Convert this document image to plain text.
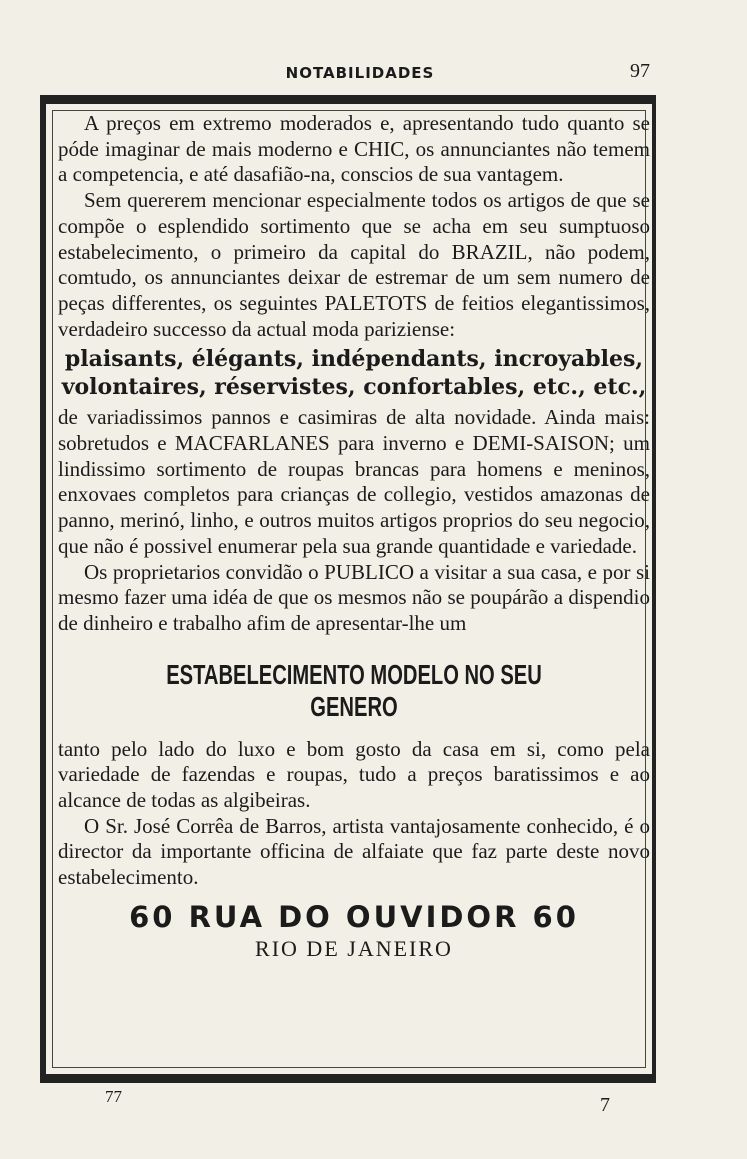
NOTABILIDADES	97

A preços em extremo moderados e, apresentando tudo quanto se póde imaginar de mais moderno e CHIC, os annunciantes não temem a competencia, e até dasafião-na, conscios de sua vantagem.

Sem quererem mencionar especialmente todos os artigos de que se compõe o esplendido sortimento que se acha em seu sumptuoso estabelecimento, o primeiro da capital do BRAZIL, não podem, comtudo, os annunciantes deixar de estremar de um sem numero de peças differentes, os seguintes PALETOTS de feitios elegantissimos, verdadeiro successo da actual moda pariziense:

plaisants, élégants, indépendants, incroyables, volontaires, réservistes, confortables, etc., etc.,

de variadissimos pannos e casimiras de alta novidade. Ainda mais: sobretudos e MACFARLANES para inverno e DEMI-SAISON; um lindissimo sortimento de roupas brancas para homens e meninos, enxovaes completos para crianças de collegio, vestidos amazonas de panno, merinó, linho, e outros muitos artigos proprios do seu negocio, que não é possivel enumerar pela sua grande quantidade e variedade.

Os proprietarios convidão o PUBLICO a visitar a sua casa, e por si mesmo fazer uma idéa de que os mesmos não se poupárão a dispendio de dinheiro e trabalho afim de apresentar-lhe um

ESTABELECIMENTO MODELO NO SEU GENERO

tanto pelo lado do luxo e bom gosto da casa em si, como pela variedade de fazendas e roupas, tudo a preços baratissimos e ao alcance de todas as algibeiras.

O Sr. José Corrêa de Barros, artista vantajosamente conhecido, é o director da importante officina de alfaiate que faz parte deste novo estabelecimento.

60 RUA DO OUVIDOR 60

RIO DE JANEIRO

77	7
